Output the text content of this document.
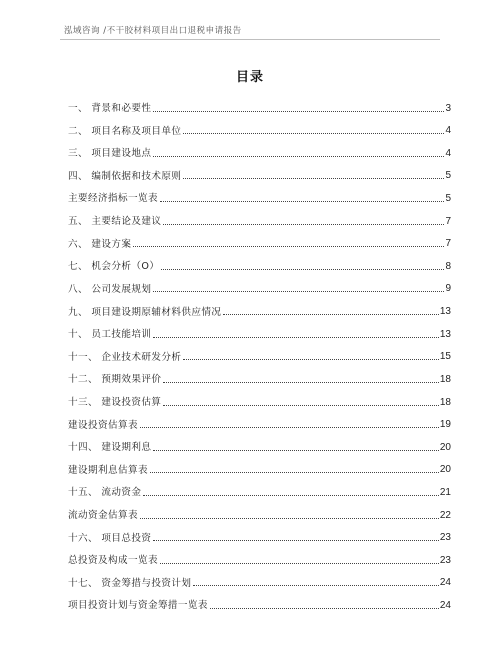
泓域咨询 /不干胶材料项目出口退税申请报告
目录
一、 背景和必要性	3
二、 项目名称及项目单位	4
三、 项目建设地点	4
四、 编制依据和技术原则	5
主要经济指标一览表	5
五、 主要结论及建议	7
六、 建设方案	7
七、 机会分析（O）	8
八、 公司发展规划	9
九、 项目建设期原辅材料供应情况	13
十、 员工技能培训	13
十一、 企业技术研发分析	15
十二、 预期效果评价	18
十三、 建设投资估算	18
建设投资估算表	19
十四、 建设期利息	20
建设期利息估算表	20
十五、 流动资金	21
流动资金估算表	22
十六、 项目总投资	23
总投资及构成一览表	23
十七、 资金筹措与投资计划	24
项目投资计划与资金筹措一览表	24
